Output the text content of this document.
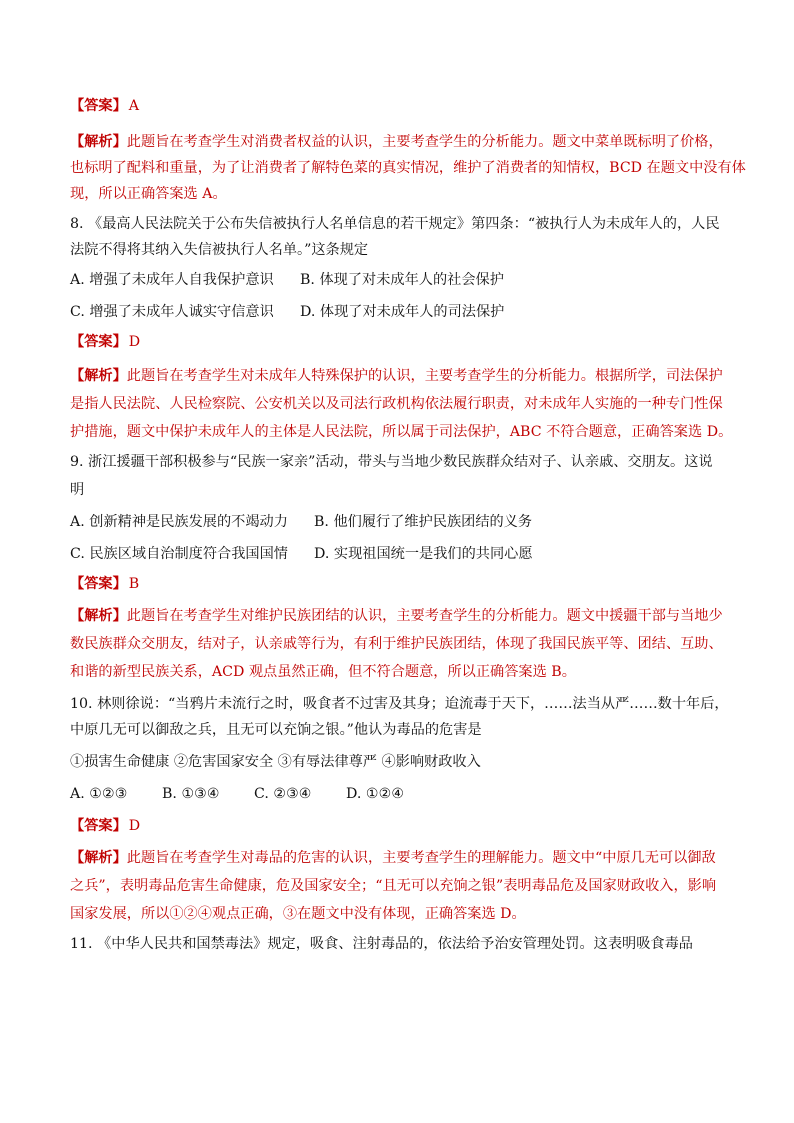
【答案】 A
【解析】此题旨在考查学生对消费者权益的认识，主要考查学生的分析能力。题文中菜单既标明了价格，
也标明了配料和重量，为了让消费者了解特色菜的真实情况，维护了消费者的知情权，BCD 在题文中没有体
现，所以正确答案选 A。
8. 《最高人民法院关于公布失信被执行人名单信息的若干规定》第四条：“被执行人为未成年人的，人民
法院不得将其纳入失信被执行人名单。”这条规定
A. 增强了未成年人自我保护意识 B. 体现了对未成年人的社会保护
C. 增强了未成年人诚实守信意识 D. 体现了对未成年人的司法保护
【答案】 D
【解析】此题旨在考查学生对未成年人特殊保护的认识，主要考查学生的分析能力。根据所学，司法保护
是指人民法院、人民检察院、公安机关以及司法行政机构依法履行职责，对未成年人实施的一种专门性保
护措施，题文中保护未成年人的主体是人民法院，所以属于司法保护，ABC 不符合题意，正确答案选 D。
9. 浙江援疆干部积极参与“民族一家亲”活动，带头与当地少数民族群众结对子、认亲戚、交朋友。这说
明
A. 创新精神是民族发展的不竭动力 B. 他们履行了维护民族团结的义务
C. 民族区域自治制度符合我国国情 D. 实现祖国统一是我们的共同心愿
【答案】 B
【解析】此题旨在考查学生对维护民族团结的认识，主要考查学生的分析能力。题文中援疆干部与当地少
数民族群众交朋友，结对子，认亲戚等行为，有利于维护民族团结，体现了我国民族平等、团结、互助、
和谐的新型民族关系，ACD 观点虽然正确，但不符合题意，所以正确答案选 B。
10. 林则徐说：“当鸦片未流行之时，吸食者不过害及其身；迨流毒于天下，……法当从严……数十年后，
中原几无可以御敌之兵，且无可以充饷之银。”他认为毒品的危害是
①损害生命健康 ②危害国家安全 ③有辱法律尊严 ④影响财政收入
A. ①②③ B. ①③④ C. ②③④ D. ①②④
【答案】 D
【解析】此题旨在考查学生对毒品的危害的认识，主要考查学生的理解能力。题文中“中原几无可以御敌
之兵”，表明毒品危害生命健康，危及国家安全；“且无可以充饷之银”表明毒品危及国家财政收入，影响
国家发展，所以①②④观点正确，③在题文中没有体现，正确答案选 D。
11. 《中华人民共和国禁毒法》规定，吸食、注射毒品的，依法给予治安管理处罚。这表明吸食毒品
